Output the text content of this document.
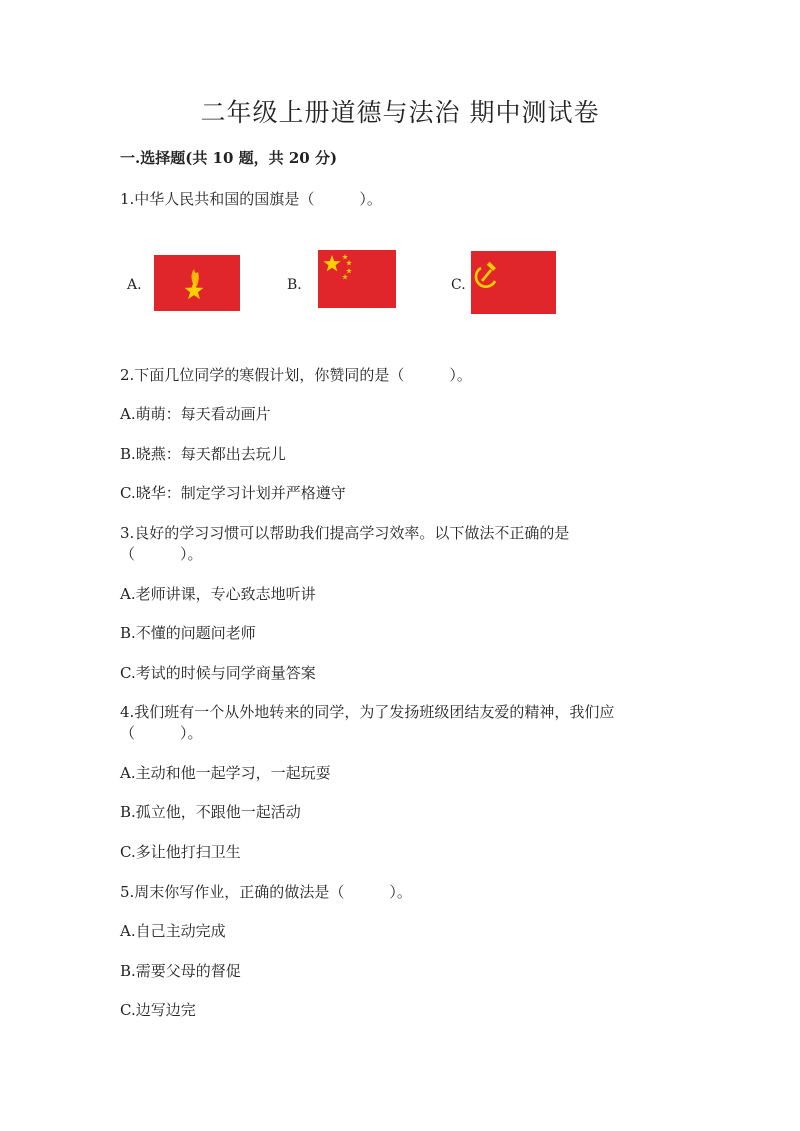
二年级上册道德与法治 期中测试卷
一.选择题(共 10 题，共 20 分)
1.中华人民共和国的国旗是（　　　）。
A.	B.	C.
2.下面几位同学的寒假计划，你赞同的是（　　　）。
A.萌萌：每天看动画片
B.晓燕：每天都出去玩儿
C.晓华：制定学习计划并严格遵守
3.良好的学习习惯可以帮助我们提高学习效率。以下做法不正确的是
（　　　）。
A.老师讲课，专心致志地听讲
B.不懂的问题问老师
C.考试的时候与同学商量答案
4.我们班有一个从外地转来的同学，为了发扬班级团结友爱的精神，我们应
（　　　）。
A.主动和他一起学习，一起玩耍
B.孤立他，不跟他一起活动
C.多让他打扫卫生
5.周末你写作业，正确的做法是（　　　）。
A.自己主动完成
B.需要父母的督促
C.边写边完
